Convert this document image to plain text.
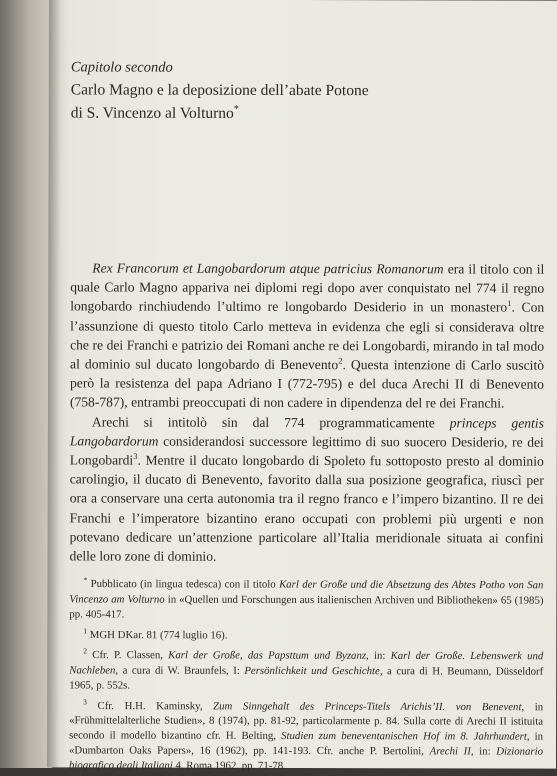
Capitolo secondo
Carlo Magno e la deposizione dell’abate Potone
di S. Vincenzo al Volturno*

Rex Francorum et Langobardorum atque patricius Romanorum era il titolo con il quale Carlo Magno appariva nei diplomi regi dopo aver conquistato nel 774 il regno longobardo rinchiudendo l’ultimo re longobardo Desiderio in un monastero$^1$. Con l’assunzione di questo titolo Carlo metteva in evidenza che egli si considerava oltre che re dei Franchi e patrizio dei Romani anche re dei Longobardi, mirando in tal modo al dominio sul ducato longobardo di Benevento$^2$. Questa intenzione di Carlo suscitò però la resistenza del papa Adriano I (772-795) e del duca Arechi II di Benevento (758-787), entrambi preoccupati di non cadere in dipendenza del re dei Franchi.

Arechi si intitolò sin dal 774 programmaticamente princeps gentis Langobardorum considerandosi successore legittimo di suo suocero Desiderio, re dei Longobardi$^3$. Mentre il ducato longobardo di Spoleto fu sottoposto presto al dominio carolingio, il ducato di Benevento, favorito dalla sua posizione geografica, riuscì per ora a conservare una certa autonomia tra il regno franco e l’impero bizantino. Il re dei Franchi e l’imperatore bizantino erano occupati con problemi più urgenti e non potevano dedicare un’attenzione particolare all’Italia meridionale situata ai confini delle loro zone di dominio.

* Pubblicato (in lingua tedesca) con il titolo Karl der Große und die Absetzung des Abtes Potho von San Vincenzo am Volturno in «Quellen und Forschungen aus italienischen Archiven und Bibliotheken» 65 (1985) pp. 405-417.

$^1$ MGH DKar. 81 (774 luglio 16).

$^2$ Cfr. P. Classen, Karl der Große, das Papsttum und Byzanz, in: Karl der Große. Lebenswerk und Nachleben, a cura di W. Braunfels, I: Persönlichkeit und Geschichte, a cura di H. Beumann, Düsseldorf 1965, p. 552s.

$^3$ Cfr. H.H. Kaminsky, Zum Sinngehalt des Princeps-Titels Arichis’II. von Benevent, in «Frühmittelalterliche Studien», 8 (1974), pp. 81-92, particolarmente p. 84. Sulla corte di Arechi II istituita secondo il modello bizantino cfr. H. Belting, Studien zum beneventanischen Hof im 8. Jahrhundert, in «Dumbarton Oaks Papers», 16 (1962), pp. 141-193. Cfr. anche P. Bertolini, Arechi II, in: Dizionario biografico degli Italiani 4, Roma 1962, pp. 71-78.
